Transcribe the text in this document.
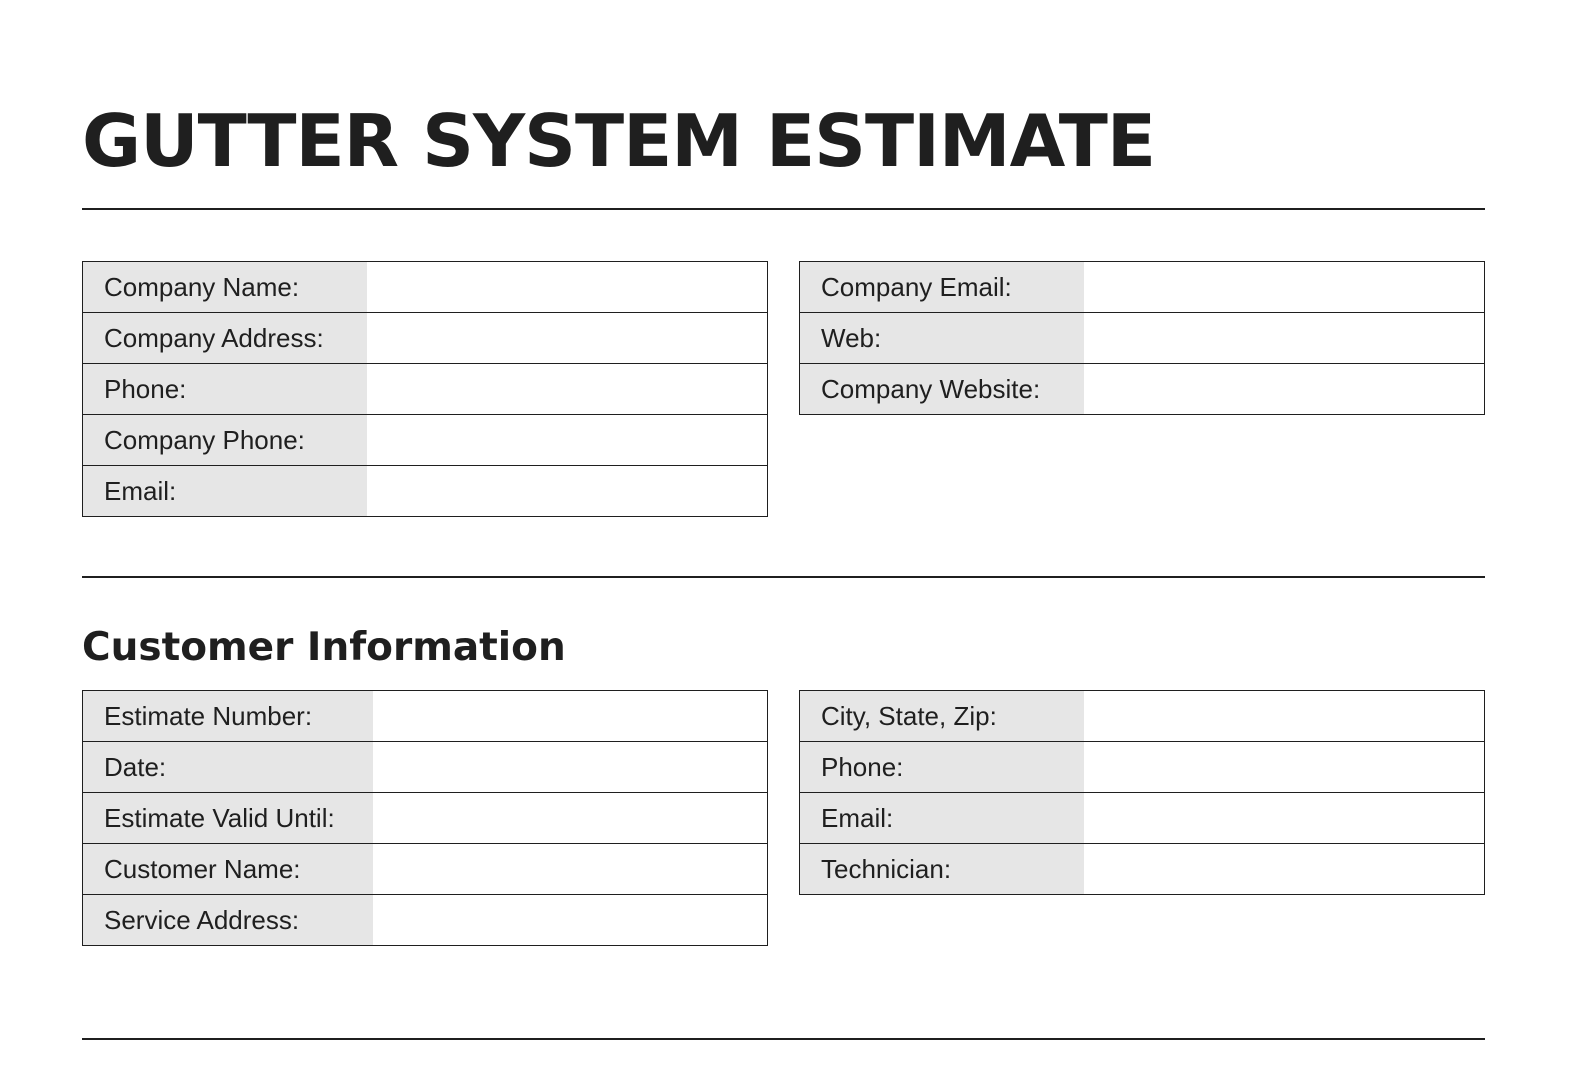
GUTTER SYSTEM ESTIMATE
Company Name:	
Company Address:	
Phone:	
Company Phone:	
Email:	
Company Email:	
Web:	
Company Website:	
Customer Information
Estimate Number:	
Date:	
Estimate Valid Until:	
Customer Name:	
Service Address:	
City, State, Zip:	
Phone:	
Email:	
Technician:	
